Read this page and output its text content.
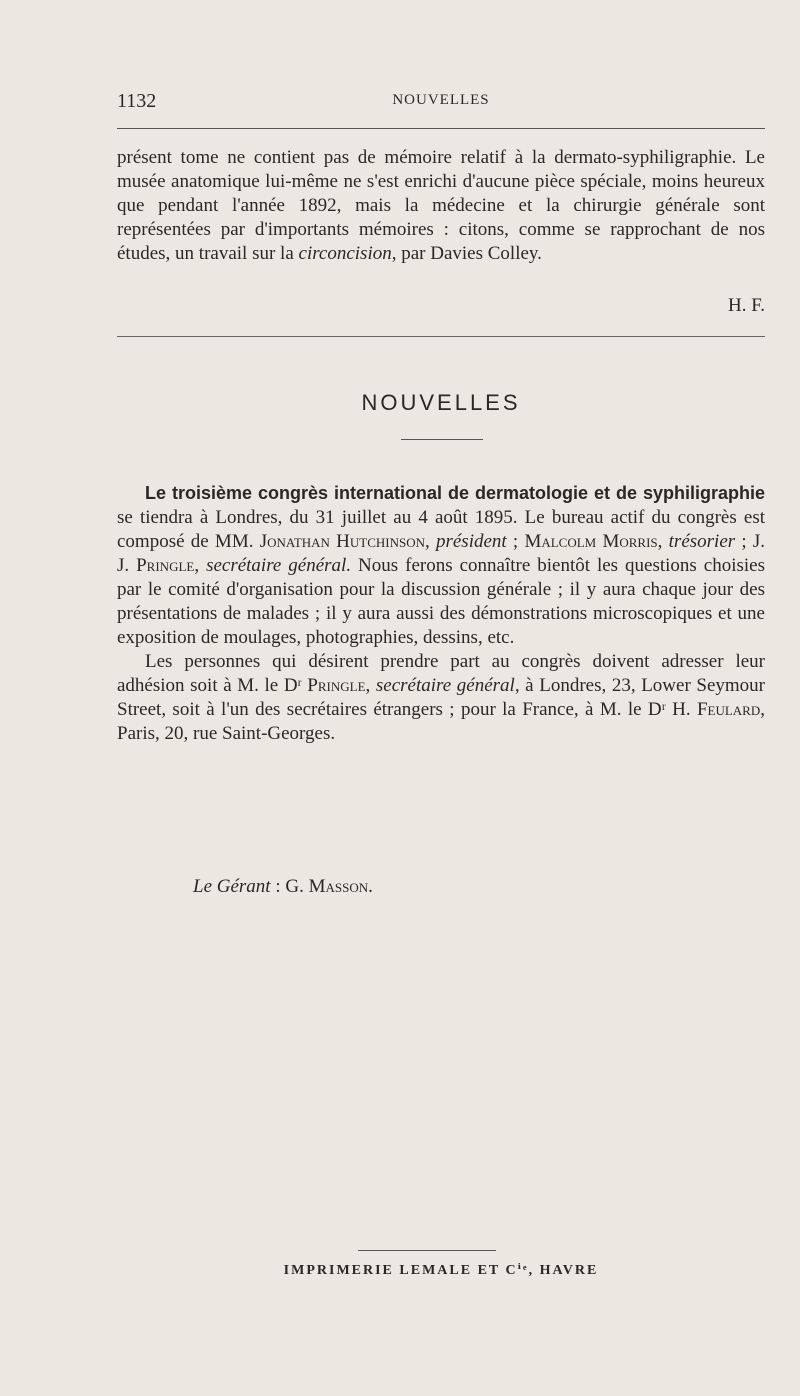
1132	NOUVELLES
présent tome ne contient pas de mémoire relatif à la dermato-syphiligraphie. Le musée anatomique lui-même ne s'est enrichi d'aucune pièce spéciale, moins heureux que pendant l'année 1892, mais la médecine et la chirurgie générale sont représentées par d'importants mémoires : citons, comme se rapprochant de nos études, un travail sur la circoncision, par Davies Colley.
H. F.
NOUVELLES

Le troisième congrès international de dermatologie et de syphiligraphie se tiendra à Londres, du 31 juillet au 4 août 1895. Le bureau actif du congrès est composé de MM. Jonathan Hutchinson, président ; Malcolm Morris, trésorier ; J. J. Pringle, secrétaire général. Nous ferons connaître bientôt les questions choisies par le comité d'organisation pour la discussion générale ; il y aura chaque jour des présentations de malades ; il y aura aussi des démonstrations microscopiques et une exposition de moulages, photographies, dessins, etc.

Les personnes qui désirent prendre part au congrès doivent adresser leur adhésion soit à M. le Dʳ Pringle, secrétaire général, à Londres, 23, Lower Seymour Street, soit à l'un des secrétaires étrangers ; pour la France, à M. le Dʳ H. Feulard, Paris, 20, rue Saint-Georges.

Le Gérant : G. Masson.
IMPRIMERIE LEMALE ET Cⁱᵉ, HAVRE
